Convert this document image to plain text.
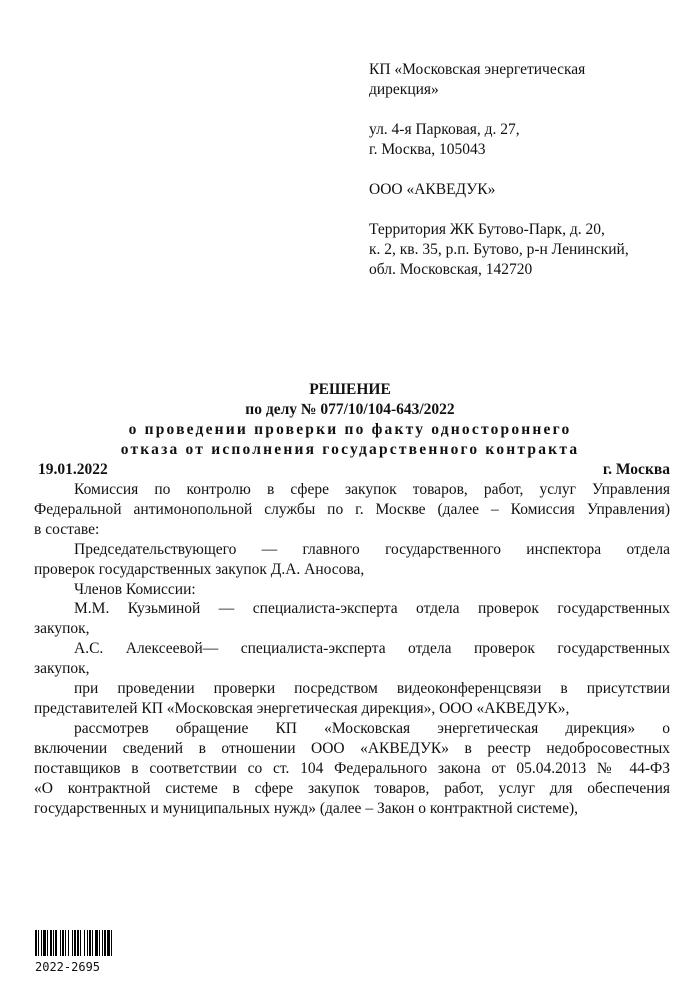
КП «Московская энергетическая
дирекция»

ул. 4-я Парковая, д. 27,
г. Москва, 105043

ООО «АКВЕДУК»

Территория ЖК Бутово-Парк, д. 20,
к. 2, кв. 35, р.п. Бутово, р-н Ленинский,
обл. Московская, 142720

РЕШЕНИЕ
по делу № 077/10/104-643/2022
о проведении проверки по факту одностороннего
отказа от исполнения государственного контракта
19.01.2022	г. Москва
Комиссия по контролю в сфере закупок товаров, работ, услуг Управления
Федеральной антимонопольной службы по г. Москве (далее – Комиссия Управления)
в составе:
Председательствующего — главного государственного инспектора отдела
проверок государственных закупок Д.А. Аносова,
Членов Комиссии:
М.М. Кузьминой — специалиста-эксперта отдела проверок государственных
закупок,
А.С. Алексеевой— специалиста-эксперта отдела проверок государственных
закупок,
при проведении проверки посредством видеоконференцсвязи в присутствии
представителей КП «Московская энергетическая дирекция», ООО «АКВЕДУК»,
рассмотрев обращение КП «Московская энергетическая дирекция» о
включении сведений в отношении ООО «АКВЕДУК» в реестр недобросовестных
поставщиков в соответствии со ст. 104 Федерального закона от 05.04.2013 № 44-ФЗ
«О контрактной системе в сфере закупок товаров, работ, услуг для обеспечения
государственных и муниципальных нужд» (далее – Закон о контрактной системе),
2022-2695
